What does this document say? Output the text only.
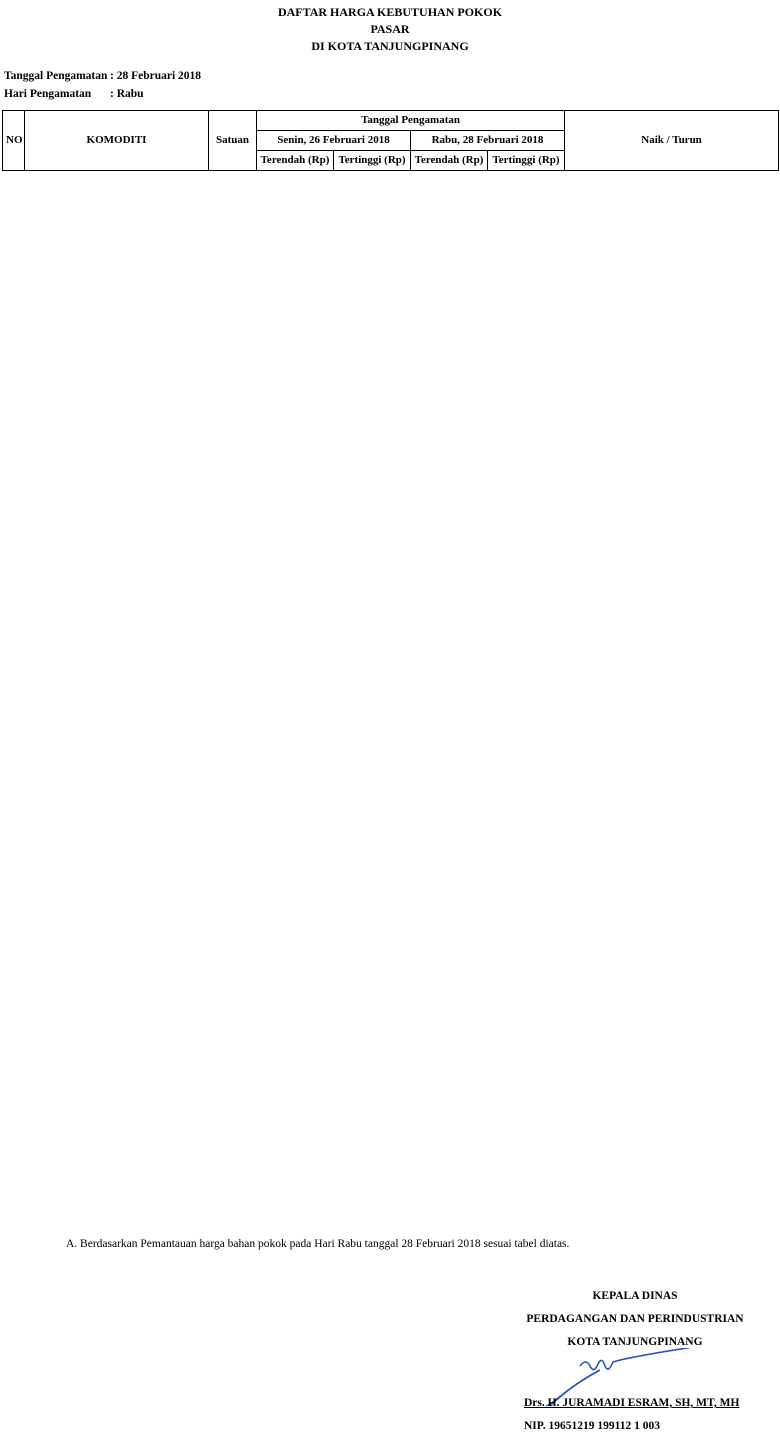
DAFTAR HARGA KEBUTUHAN POKOK
PASAR
DI KOTA TANJUNGPINANG
Tanggal Pengamatan : 28 Februari 2018
Hari Pengamatan : Rabu
NO	KOMODITI	Satuan	Tanggal Pengamatan				Naik / Turun
			Senin, 26 Februari 2018		Rabu, 28 Februari 2018		
			Terendah (Rp)	Tertinggi (Rp)	Terendah (Rp)	Tertinggi (Rp)	
A. Berdasarkan Pemantauan harga bahan pokok pada Hari Rabu tanggal 28 Februari 2018 sesuai tabel diatas.
KEPALA DINAS
PERDAGANGAN DAN PERINDUSTRIAN
KOTA TANJUNGPINANG
Drs. H. JURAMADI ESRAM, SH, MT, MH
NIP. 19651219 199112 1 003
